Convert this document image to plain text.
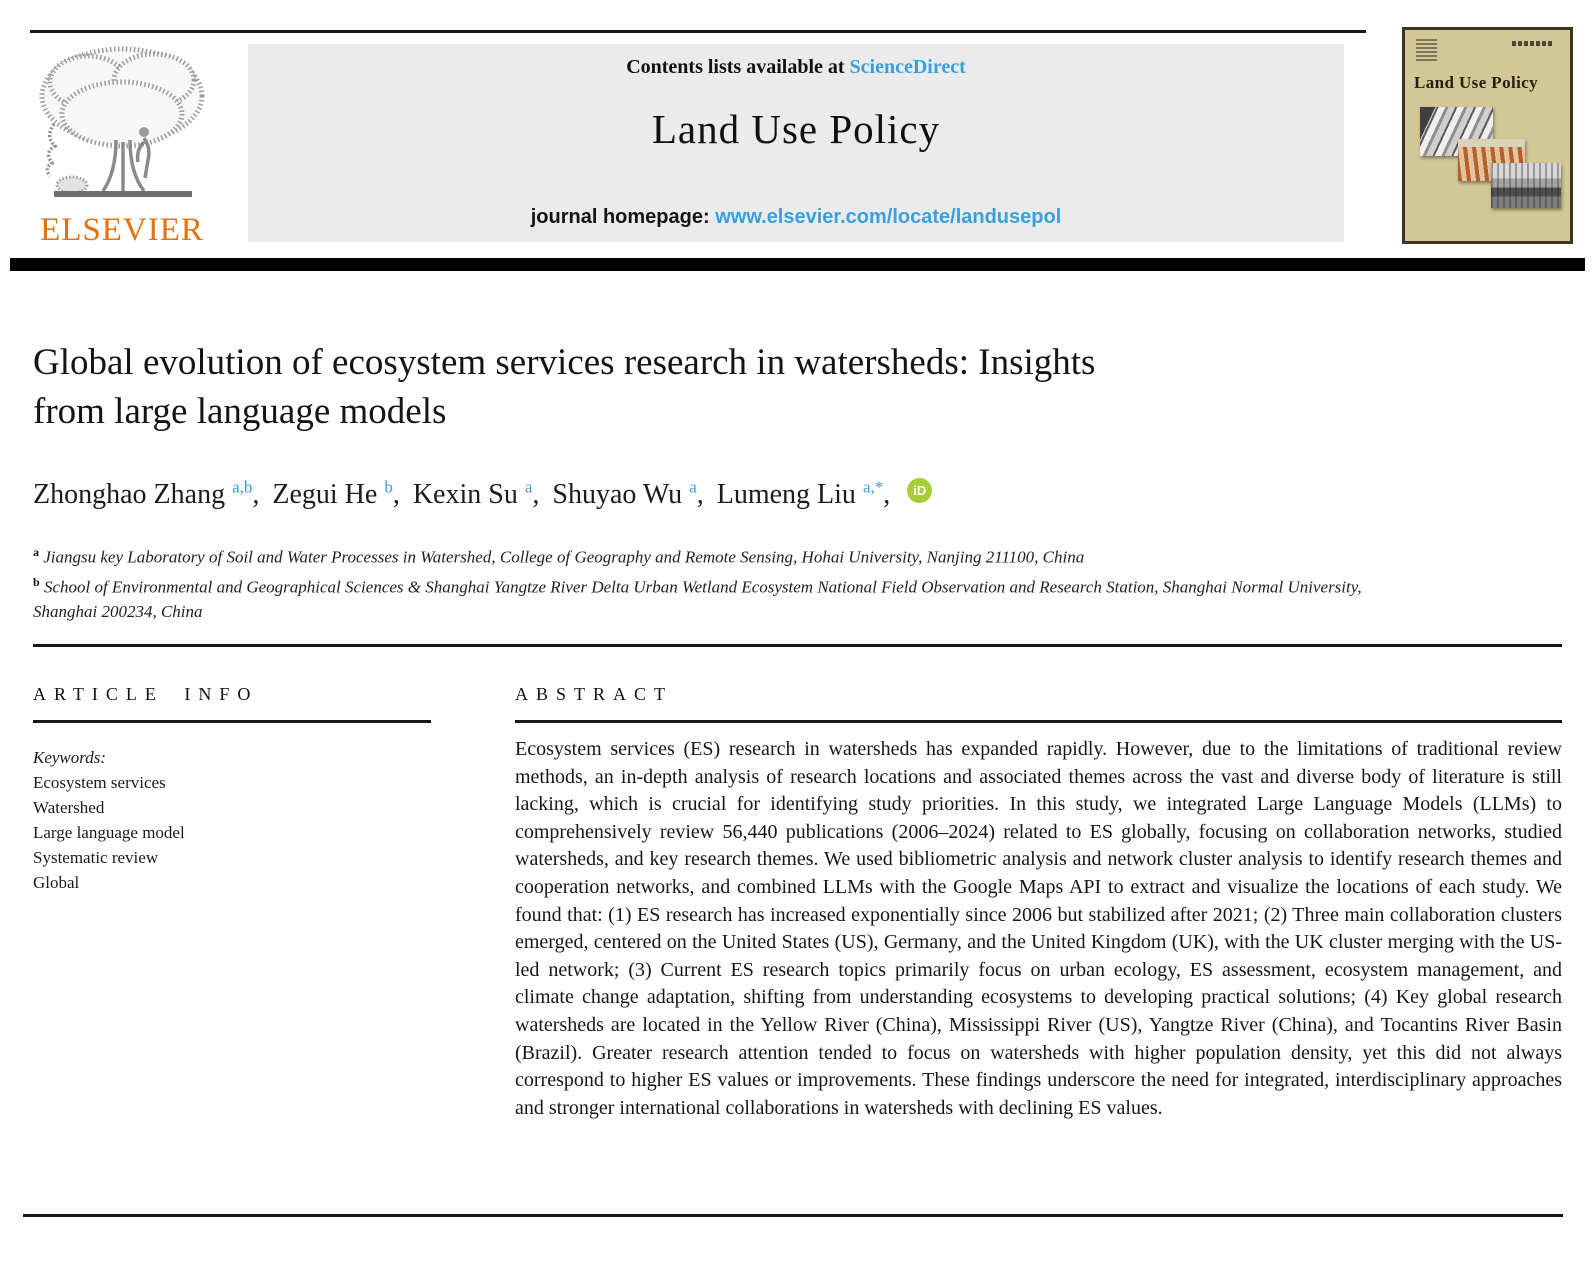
ELSEVIER
Contents lists available at ScienceDirect
Land Use Policy
journal homepage: www.elsevier.com/locate/landusepol
Land Use Policy
Global evolution of ecosystem services research in watersheds: Insights
from large language models
Zhonghao Zhang $^{a,b}$ , Zegui He $^b$ , Kexin Su $^a$ , Shuyao Wu $^a$ , Lumeng Liu $^{a,*}$ , iD
$^a$ Jiangsu key Laboratory of Soil and Water Processes in Watershed, College of Geography and Remote Sensing, Hohai University, Nanjing 211100, China
$^b$ School of Environmental and Geographical Sciences & Shanghai Yangtze River Delta Urban Wetland Ecosystem National Field Observation and Research Station, Shanghai Normal University, Shanghai 200234, China
ARTICLE INFO
Keywords:
Ecosystem services
Watershed
Large language model
Systematic review
Global
ABSTRACT

Ecosystem services (ES) research in watersheds has expanded rapidly. However, due to the limitations of traditional review methods, an in-depth analysis of research locations and associated themes across the vast and diverse body of literature is still lacking, which is crucial for identifying study priorities. In this study, we integrated Large Language Models (LLMs) to comprehensively review 56,440 publications (2006–2024) related to ES globally, focusing on collaboration networks, studied watersheds, and key research themes. We used bibliometric analysis and network cluster analysis to identify research themes and cooperation networks, and combined LLMs with the Google Maps API to extract and visualize the locations of each study. We found that: (1) ES research has increased exponentially since 2006 but stabilized after 2021; (2) Three main collaboration clusters emerged, centered on the United States (US), Germany, and the United Kingdom (UK), with the UK cluster merging with the US-led network; (3) Current ES research topics primarily focus on urban ecology, ES assessment, ecosystem management, and climate change adaptation, shifting from understanding ecosystems to developing practical solutions; (4) Key global research watersheds are located in the Yellow River (China), Mississippi River (US), Yangtze River (China), and Tocantins River Basin (Brazil). Greater research attention tended to focus on watersheds with higher population density, yet this did not always correspond to higher ES values or improvements. These findings underscore the need for integrated, interdisciplinary approaches and stronger international collaborations in watersheds with declining ES values.
